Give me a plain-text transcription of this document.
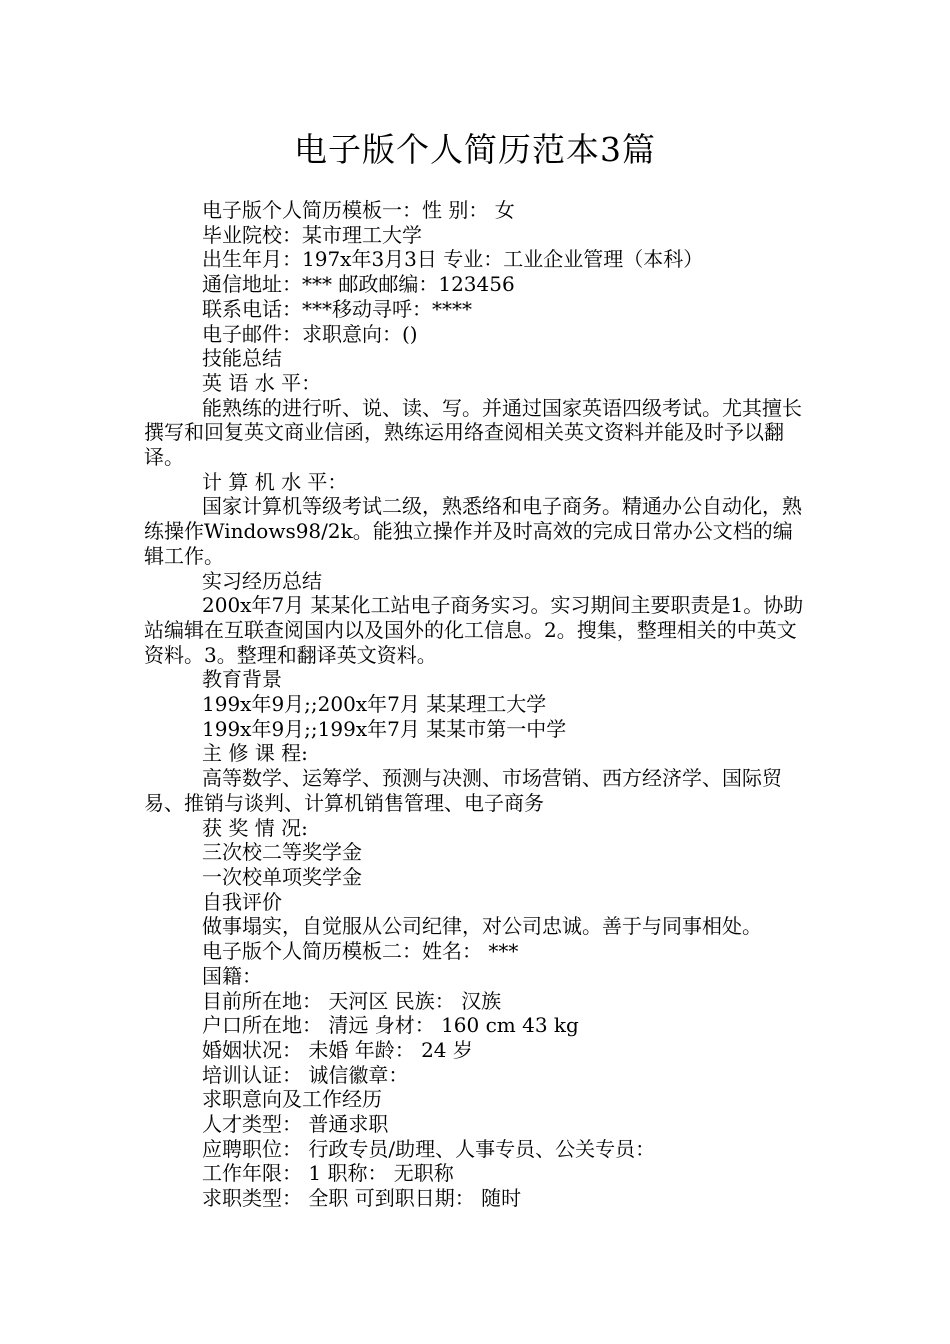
电子版个人简历范本3篇

电子版个人简历模板一：性 别： 女

毕业院校：某市理工大学

出生年月：197x年3月3日 专业：工业企业管理（本科）

通信地址：*** 邮政邮编：123456

联系电话：***移动寻呼：****

电子邮件：求职意向：()

技能总结

英 语 水 平：

能熟练的进行听、说、读、写。并通过国家英语四级考试。尤其擅长撰写和回复英文商业信函，熟练运用络查阅相关英文资料并能及时予以翻译。

计 算 机 水 平：

国家计算机等级考试二级，熟悉络和电子商务。精通办公自动化，熟练操作Windows98/2k。能独立操作并及时高效的完成日常办公文档的编辑工作。

实习经历总结

200x年7月 某某化工站电子商务实习。实习期间主要职责是1。协助站编辑在互联查阅国内以及国外的化工信息。2。搜集，整理相关的中英文资料。3。整理和翻译英文资料。

教育背景

199x年9月;;200x年7月 某某理工大学

199x年9月;;199x年7月 某某市第一中学

主 修 课 程:

高等数学、运筹学、预测与决测、市场营销、西方经济学、国际贸易、推销与谈判、计算机销售管理、电子商务

获 奖 情 况:

三次校二等奖学金

一次校单项奖学金

自我评价

做事塌实，自觉服从公司纪律，对公司忠诚。善于与同事相处。

电子版个人简历模板二：姓名： ***

国籍：

目前所在地： 天河区 民族： 汉族

户口所在地： 清远 身材： 160 cm 43 kg

婚姻状况： 未婚 年龄： 24 岁

培训认证： 诚信徽章：

求职意向及工作经历

人才类型： 普通求职

应聘职位： 行政专员/助理、人事专员、公关专员：

工作年限： 1 职称： 无职称

求职类型： 全职 可到职日期： 随时
